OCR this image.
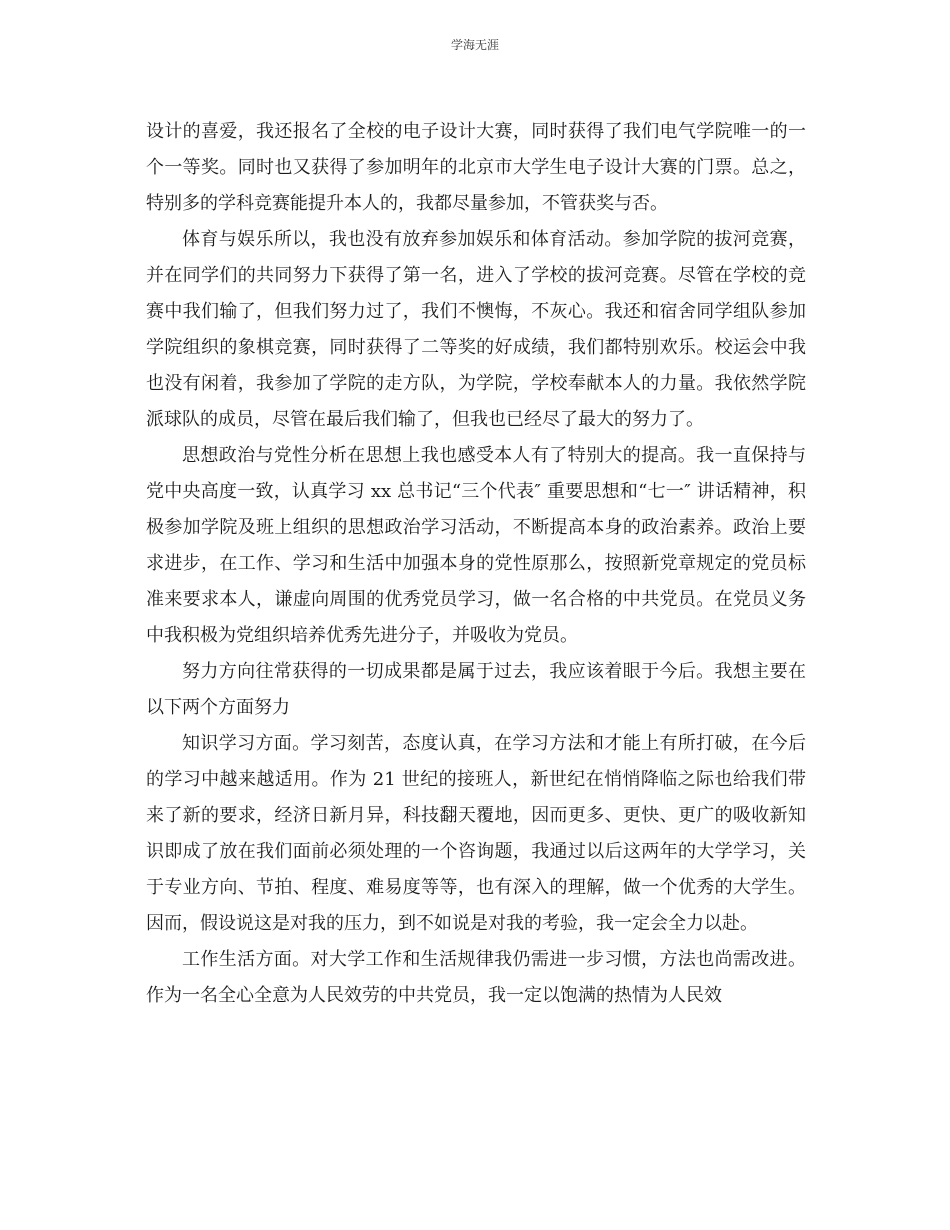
学海无涯

设计的喜爱，我还报名了全校的电子设计大赛，同时获得了我们电气学院唯一的一个一等奖。同时也又获得了参加明年的北京市大学生电子设计大赛的门票。总之，特别多的学科竞赛能提升本人的，我都尽量参加，不管获奖与否。

体育与娱乐所以，我也没有放弃参加娱乐和体育活动。参加学院的拔河竞赛，并在同学们的共同努力下获得了第一名，进入了学校的拔河竞赛。尽管在学校的竞赛中我们输了，但我们努力过了，我们不懊悔，不灰心。我还和宿舍同学组队参加学院组织的象棋竞赛，同时获得了二等奖的好成绩，我们都特别欢乐。校运会中我也没有闲着，我参加了学院的走方队，为学院，学校奉献本人的力量。我依然学院派球队的成员，尽管在最后我们输了，但我也已经尽了最大的努力了。

思想政治与党性分析在思想上我也感受本人有了特别大的提高。我一直保持与党中央高度一致，认真学习 xx 总书记“三个代表″ 重要思想和“七一″ 讲话精神，积极参加学院及班上组织的思想政治学习活动，不断提高本身的政治素养。政治上要求进步，在工作、学习和生活中加强本身的党性原那么，按照新党章规定的党员标准来要求本人，谦虚向周围的优秀党员学习，做一名合格的中共党员。在党员义务中我积极为党组织培养优秀先进分子，并吸收为党员。

努力方向往常获得的一切成果都是属于过去，我应该着眼于今后。我想主要在以下两个方面努力

知识学习方面。学习刻苦，态度认真，在学习方法和才能上有所打破，在今后的学习中越来越适用。作为 21 世纪的接班人，新世纪在悄悄降临之际也给我们带来了新的要求，经济日新月异，科技翻天覆地，因而更多、更快、更广的吸收新知识即成了放在我们面前必须处理的一个咨询题，我通过以后这两年的大学学习，关于专业方向、节拍、程度、难易度等等，也有深入的理解，做一个优秀的大学生。因而，假设说这是对我的压力，到不如说是对我的考验，我一定会全力以赴。

工作生活方面。对大学工作和生活规律我仍需进一步习惯，方法也尚需改进。作为一名全心全意为人民效劳的中共党员，我一定以饱满的热情为人民效
